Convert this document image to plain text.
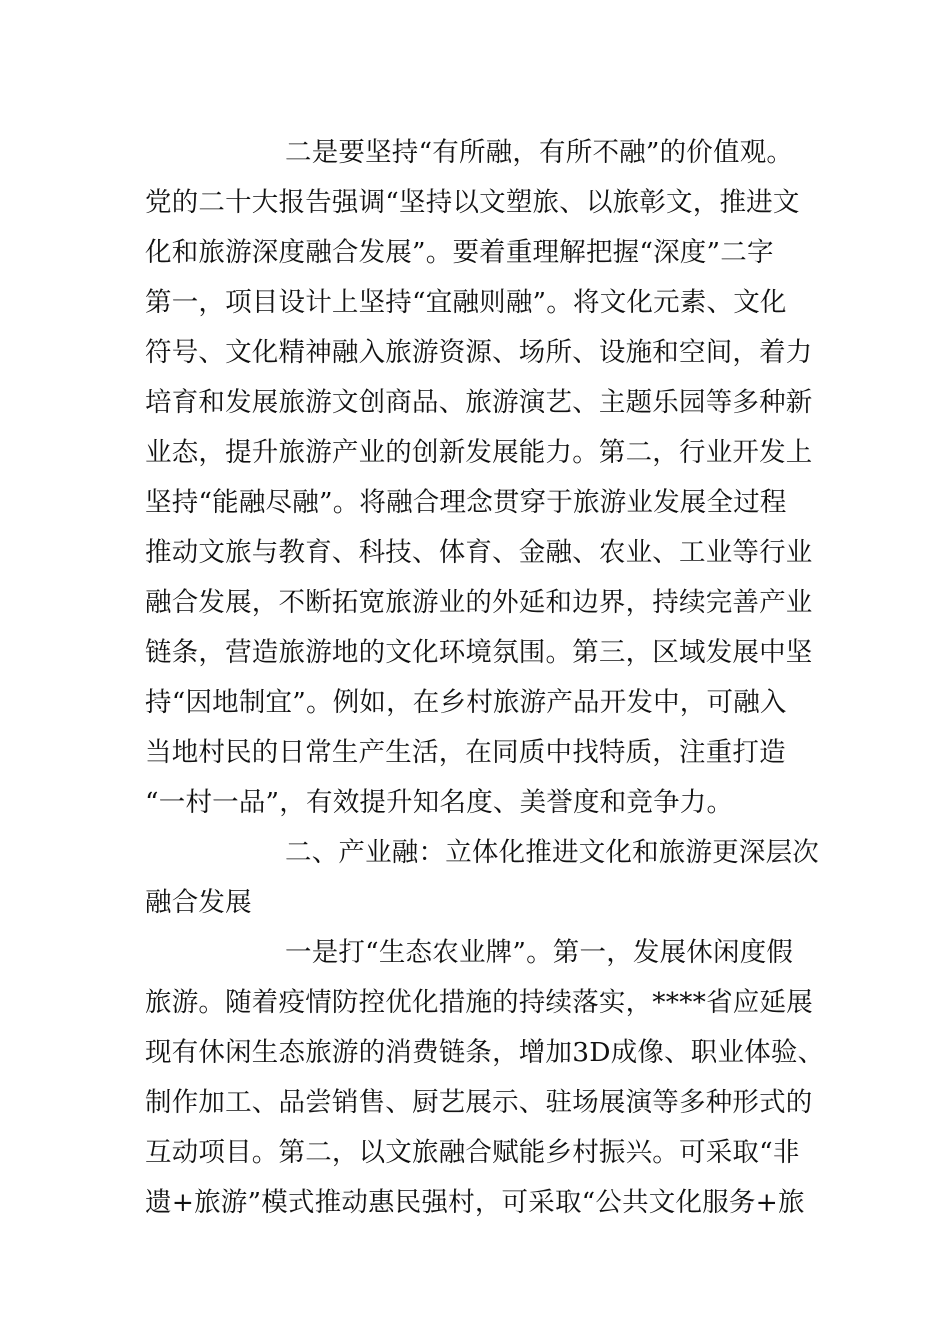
二是要坚持“有所融，有所不融”的价值观。
党的二十大报告强调“坚持以文塑旅、以旅彰文，推进文
化和旅游深度融合发展”。要着重理解把握“深度”二字
第一，项目设计上坚持“宜融则融”。将文化元素、文化
符号、文化精神融入旅游资源、场所、设施和空间，着力
培育和发展旅游文创商品、旅游演艺、主题乐园等多种新
业态，提升旅游产业的创新发展能力。第二，行业开发上
坚持“能融尽融”。将融合理念贯穿于旅游业发展全过程
推动文旅与教育、科技、体育、金融、农业、工业等行业
融合发展，不断拓宽旅游业的外延和边界，持续完善产业
链条，营造旅游地的文化环境氛围。第三，区域发展中坚
持“因地制宜”。例如，在乡村旅游产品开发中，可融入
当地村民的日常生产生活，在同质中找特质，注重打造
“一村一品”，有效提升知名度、美誉度和竞争力。
二、产业融：立体化推进文化和旅游更深层次
融合发展
一是打“生态农业牌”。第一，发展休闲度假
旅游。随着疫情防控优化措施的持续落实，****省应延展
现有休闲生态旅游的消费链条，增加3D成像、职业体验、
制作加工、品尝销售、厨艺展示、驻场展演等多种形式的
互动项目。第二，以文旅融合赋能乡村振兴。可采取“非
遗+旅游”模式推动惠民强村，可采取“公共文化服务+旅
